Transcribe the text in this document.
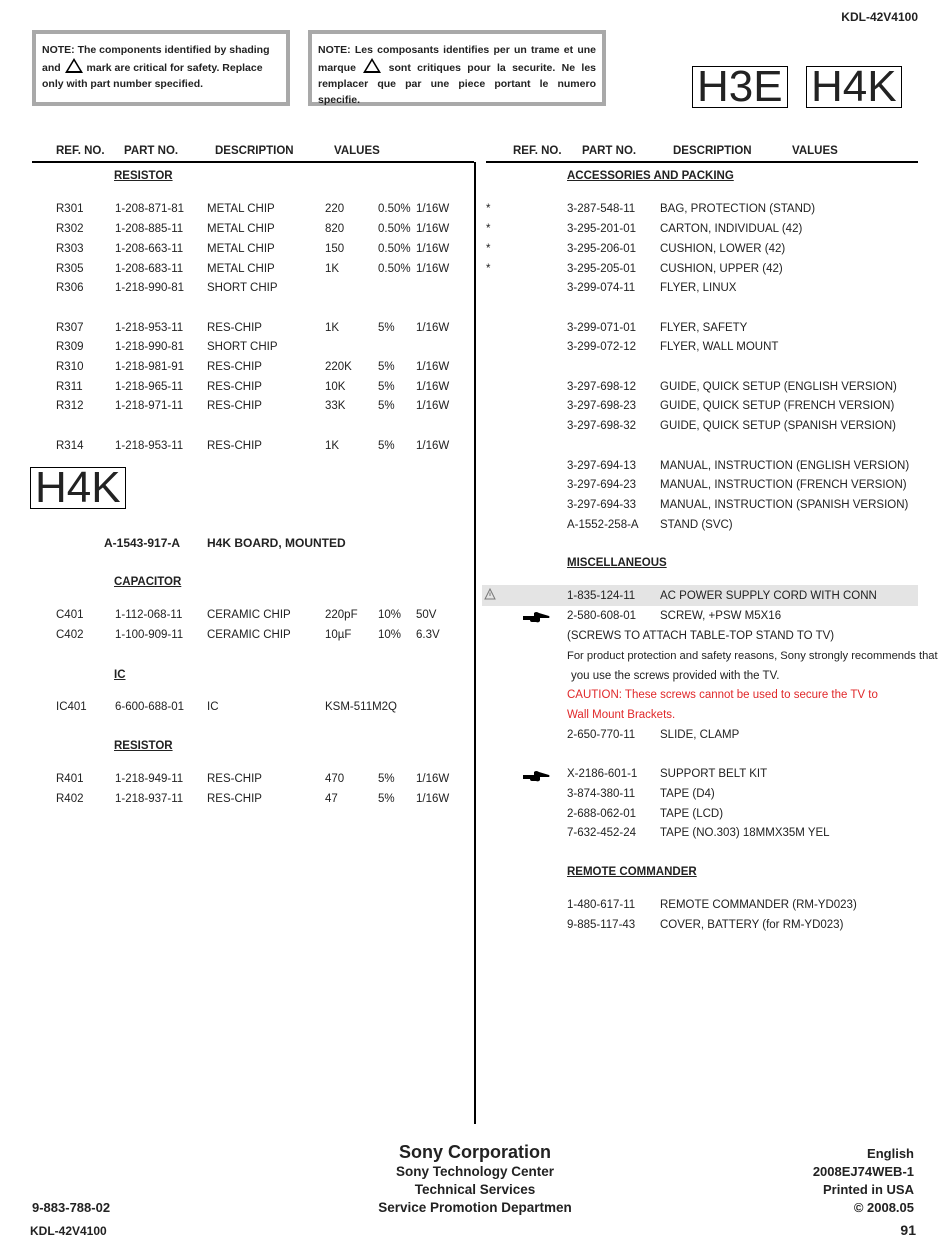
KDL-42V4100
NOTE: The components identified by shading and mark are critical for safety. Replace only with part number specified.
NOTE: Les composants identifies per un trame et une marque	sont critiques pour la securite. Ne les remplacer que par une piece portant le numero specifie.	H3E H4K
REF. NO. PART NO.	DESCRIPTION	VALUES	REF. NO. PART NO.	DESCRIPTION	VALUES
RESISTOR
R301	1-208-871-81 METAL CHIP	220	0.50% 1/16W
R302	1-208-885-11 METAL CHIP	820	0.50% 1/16W
R303	1-208-663-11 METAL CHIP	150	0.50% 1/16W
R305	1-208-683-11 METAL CHIP	1K	0.50% 1/16W
R306	1-218-990-81 SHORT CHIP
R307	1-218-953-11 RES-CHIP	1K	5% 1/16W
R309	1-218-990-81 SHORT CHIP
R310	1-218-981-91 RES-CHIP	220K 5% 1/16W
R311	1-218-965-11 RES-CHIP	10K	5% 1/16W
R312	1-218-971-11 RES-CHIP	33K	5% 1/16W
R314	1-218-953-11 RES-CHIP	1K	5% 1/16W
H4K
A-1543-917-A H4K BOARD, MOUNTED
CAPACITOR
C401	1-112-068-11 CERAMIC CHIP	220pF 10% 50V
C402	1-100-909-11 CERAMIC CHIP	10µF 10% 6.3V
IC
IC401 6-600-688-01 IC	KSM-511M2Q
RESISTOR
R401	1-218-949-11 RES-CHIP	470	5% 1/16W
R402	1-218-937-11 RES-CHIP	47	5% 1/16W
ACCESSORIES AND PACKING
*	3-287-548-11 BAG, PROTECTION (STAND)
*	3-295-201-01 CARTON, INDIVIDUAL (42)
*	3-295-206-01 CUSHION, LOWER (42)
*	3-295-205-01 CUSHION, UPPER (42)
3-299-074-11 FLYER, LINUX
3-299-071-01 FLYER, SAFETY
3-299-072-12 FLYER, WALL MOUNT
3-297-698-12 GUIDE, QUICK SETUP (ENGLISH VERSION)
3-297-698-23 GUIDE, QUICK SETUP (FRENCH VERSION)
3-297-698-32 GUIDE, QUICK SETUP (SPANISH VERSION)
3-297-694-13 MANUAL, INSTRUCTION (ENGLISH VERSION)
3-297-694-23 MANUAL, INSTRUCTION (FRENCH VERSION)
3-297-694-33 MANUAL, INSTRUCTION (SPANISH VERSION)
A-1552-258-A STAND (SVC)
MISCELLANEOUS
1-835-124-11 AC POWER SUPPLY CORD WITH CONN
2-580-608-01 SCREW, +PSW M5X16
(SCREWS TO ATTACH TABLE-TOP STAND TO TV)
For product protection and safety reasons, Sony strongly recommends that
you use the screws provided with the TV.
CAUTION: These screws cannot be used to secure the TV to
Wall Mount Brackets.
2-650-770-11 SLIDE, CLAMP
X-2186-601-1 SUPPORT BELT KIT
3-874-380-11 TAPE (D4)
2-688-062-01 TAPE (LCD)
7-632-452-24 TAPE (NO.303) 18MMX35M YEL
REMOTE COMMANDER
1-480-617-11 REMOTE COMMANDER (RM-YD023)
9-885-117-43 COVER, BATTERY (for RM-YD023)
Sony Corporation
Sony Technology Center
Technical Services
Service Promotion Departmen
English
2008EJ74WEB-1
Printed in USA
© 2008.05
9-883-788-02
KDL-42V4100	91
